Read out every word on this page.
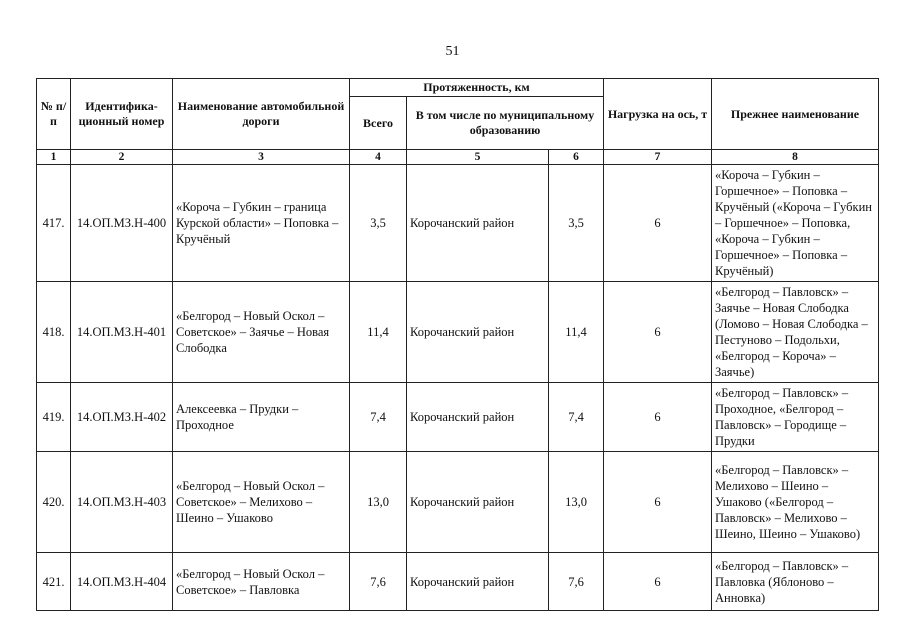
51
№ п/п	Идентифика-ционный номер	Наименование автомобильной дороги	Протяженность, км			Нагрузка на ось, т	Прежнее наименование
			Всего	В том числе по муниципальному образованию			
1	2	3	4	5	6	7	8
417.	14.ОП.МЗ.Н-400	«Короча – Губкин – граница Курской области» – Поповка – Кручёный	3,5	Корочанский район	3,5	6	«Короча – Губкин – Горшечное» – Поповка – Кручёный («Короча – Губкин – Горшечное» – Поповка, «Короча – Губкин – Горшечное» – Поповка – Кручёный)
418.	14.ОП.МЗ.Н-401	«Белгород – Новый Оскол – Советское» – Заячье – Новая Слободка	11,4	Корочанский район	11,4	6	«Белгород – Павловск» – Заячье – Новая Слободка (Ломово – Новая Слободка – Пестуново – Подольхи, «Белгород – Короча» – Заячье)
419.	14.ОП.МЗ.Н-402	Алексеевка – Прудки – Проходное	7,4	Корочанский район	7,4	6	«Белгород – Павловск» – Проходное, «Белгород – Павловск» – Городище – Прудки
420.	14.ОП.МЗ.Н-403	«Белгород – Новый Оскол – Советское» – Мелихово – Шеино – Ушаково	13,0	Корочанский район	13,0	6	«Белгород – Павловск» – Мелихово – Шеино – Ушаково («Белгород – Павловск» – Мелихово – Шеино, Шеино – Ушаково)
421.	14.ОП.МЗ.Н-404	«Белгород – Новый Оскол – Советское» – Павловка	7,6	Корочанский район	7,6	6	«Белгород – Павловск» – Павловка (Яблоново – Анновка)
